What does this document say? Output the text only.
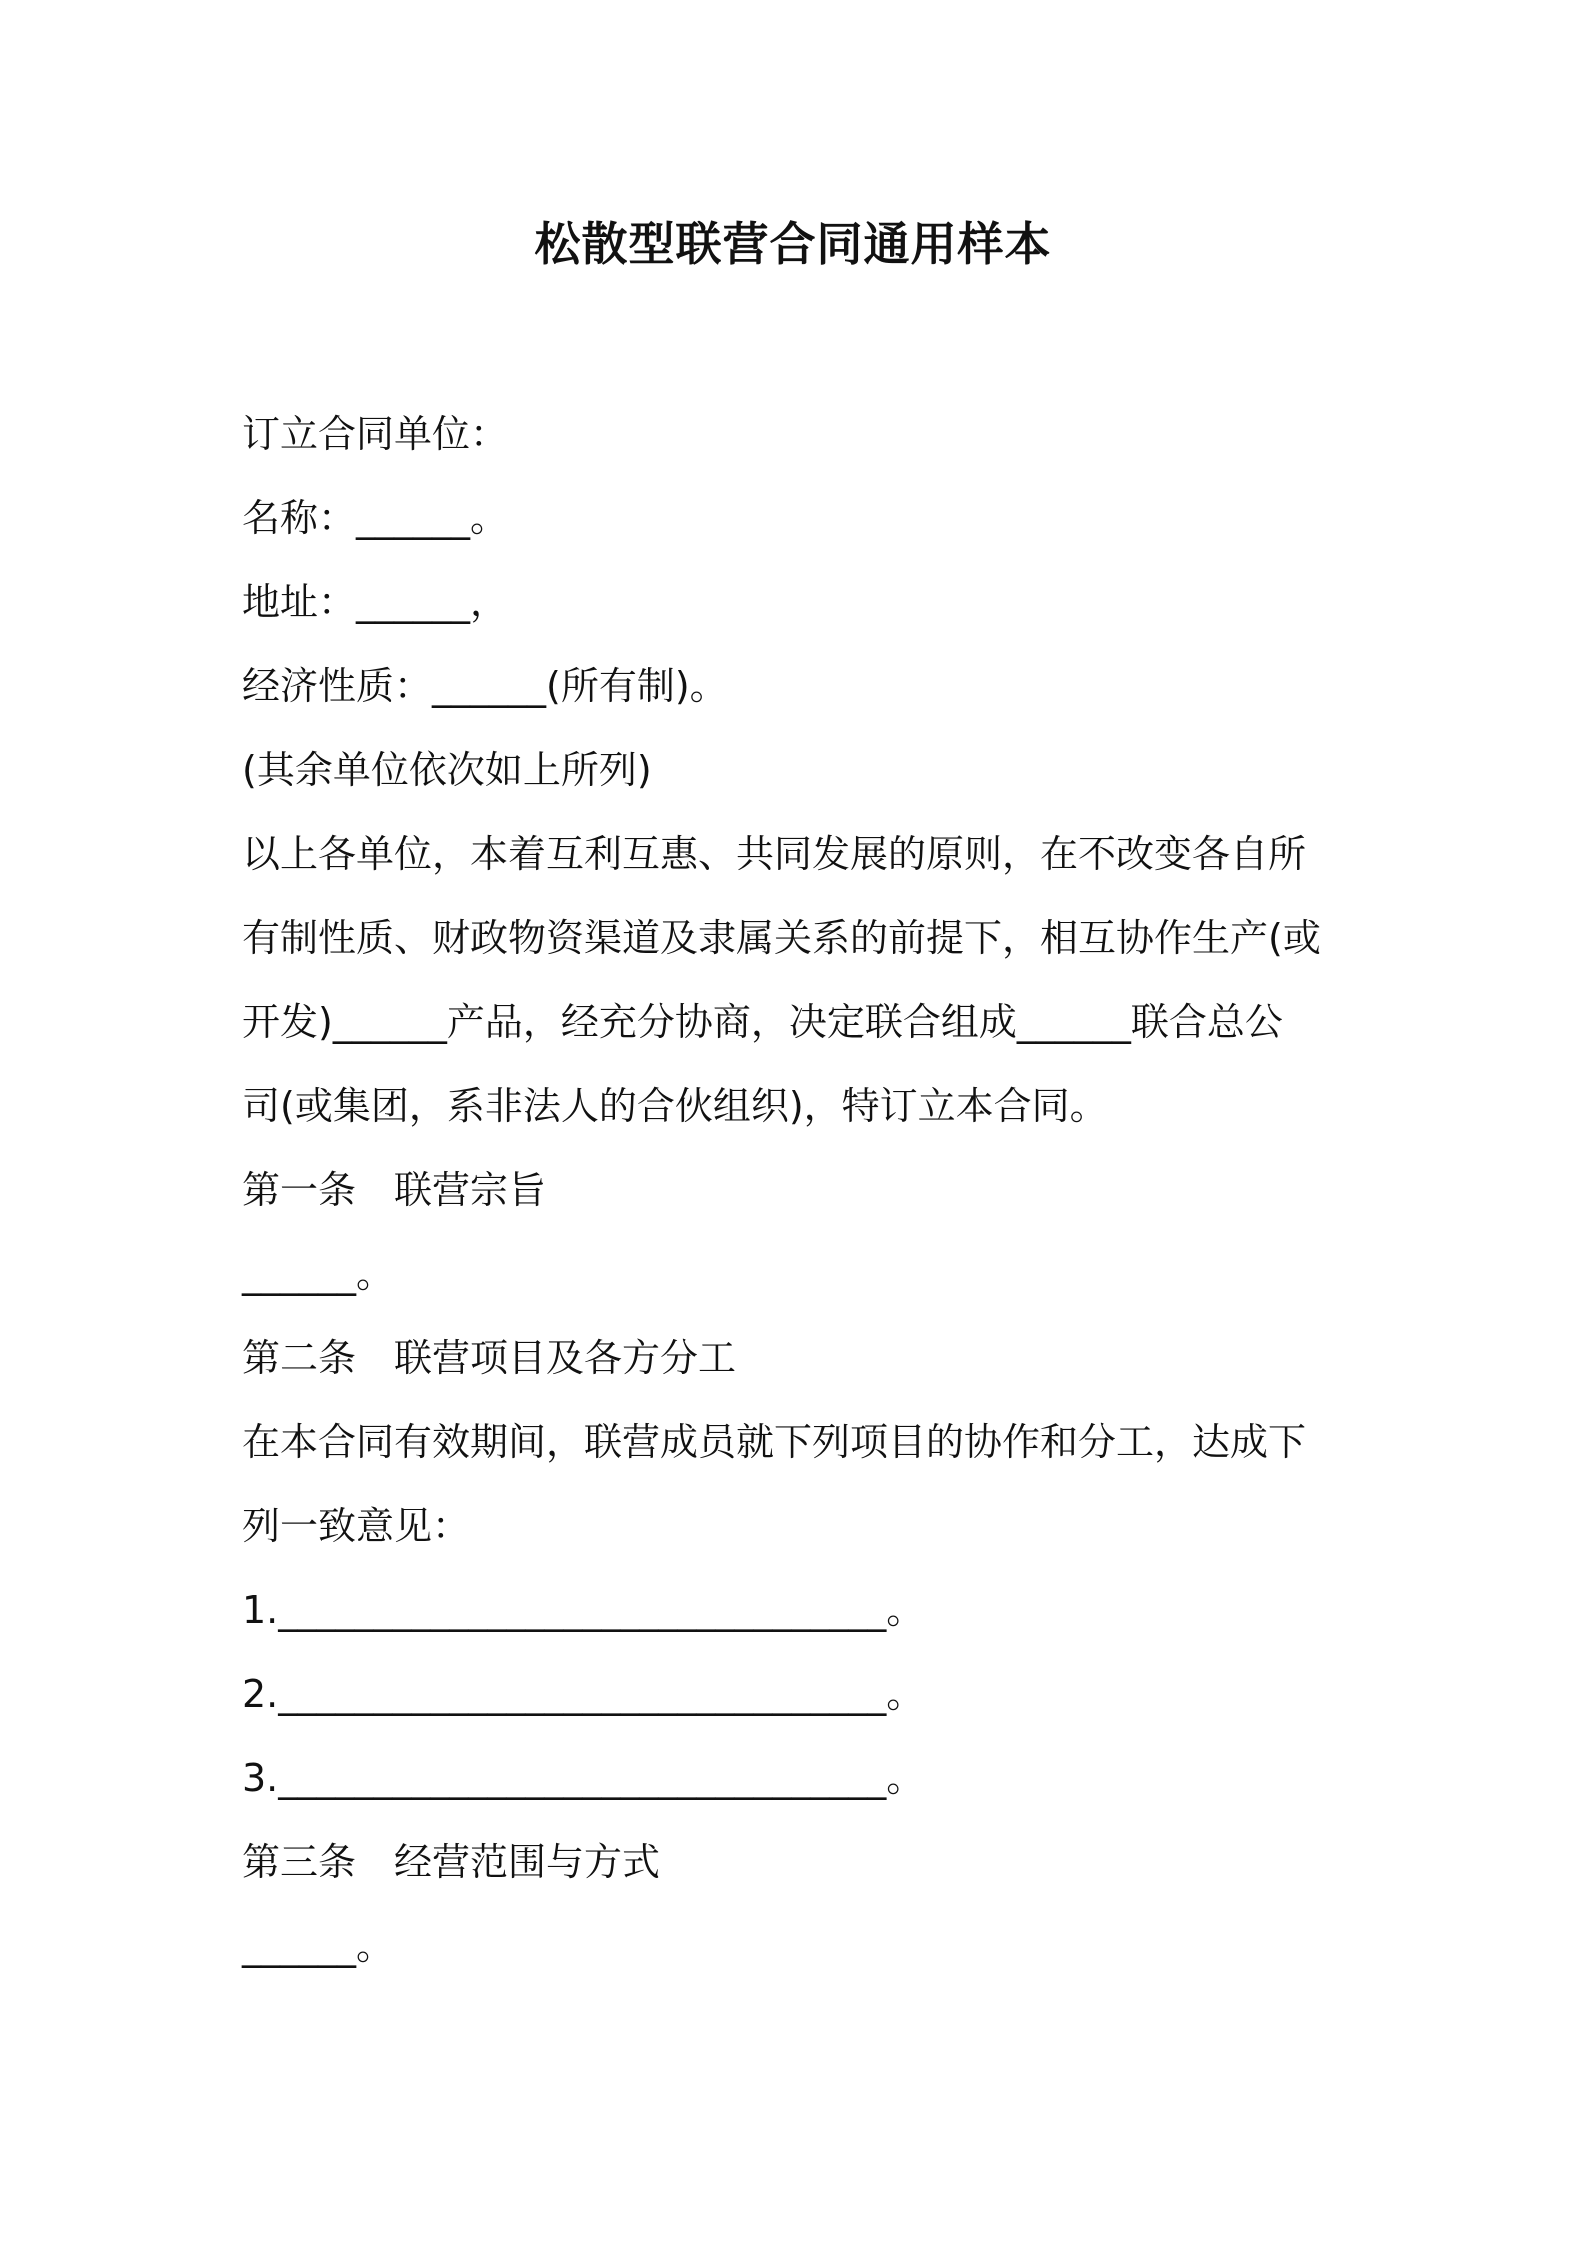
松散型联营合同通用样本
订立合同单位：
名称：______。
地址：______，
经济性质：______(所有制)。
(其余单位依次如上所列)
以上各单位，本着互利互惠、共同发展的原则，在不改变各自所
有制性质、财政物资渠道及隶属关系的前提下，相互协作生产(或
开发)______产品，经充分协商，决定联合组成______联合总公
司(或集团，系非法人的合伙组织)，特订立本合同。
第一条　联营宗旨
______。
第二条　联营项目及各方分工
在本合同有效期间，联营成员就下列项目的协作和分工，达成下
列一致意见：
1.________________________________。
2.________________________________。
3.________________________________。
第三条　经营范围与方式
______。
